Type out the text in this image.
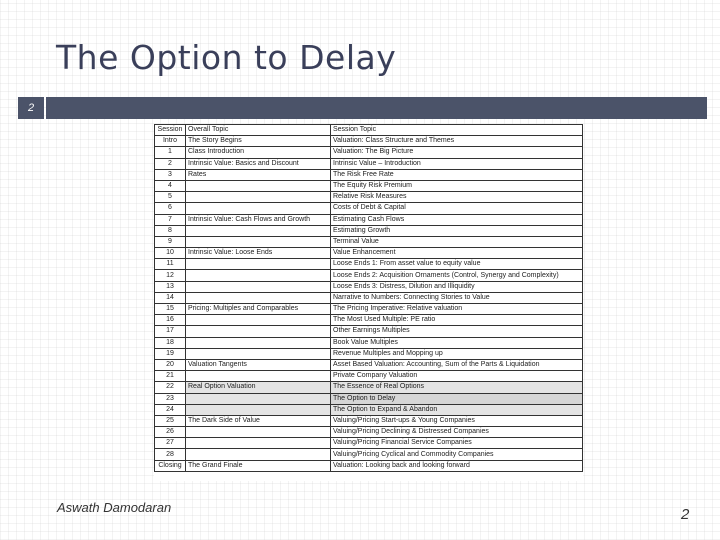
The Option to Delay
2
Session	Overall Topic	Session Topic
Intro	The Story Begins	Valuation: Class Structure and Themes
1	Class Introduction	Valuation: The Big Picture
2	Intrinsic Value: Basics and Discount	Intrinsic Value – Introduction
3	Rates	The Risk Free Rate
4		The Equity Risk Premium
5		Relative Risk Measures
6		Costs of Debt & Capital
7	Intrinsic Value: Cash Flows and Growth	Estimating Cash Flows
8		Estimating Growth
9		Terminal Value
10	Intrinsic Value: Loose Ends	Value Enhancement
11		Loose Ends 1: From asset value to equity value
12		Loose Ends 2: Acquisition Ornaments (Control, Synergy and Complexity)
13		Loose Ends 3: Distress, Dilution and Illiquidity
14		Narrative to Numbers: Connecting Stories to Value
15	Pricing: Multiples and Comparables	The Pricing Imperative: Relative valuation
16		The Most Used Multiple: PE ratio
17		Other Earnings Multiples
18		Book Value Multiples
19		Revenue Multiples and Mopping up
20	Valuation Tangents	Asset Based Valuation: Accounting, Sum of the Parts & Liquidation
21		Private Company Valuation
22	Real Option Valuation	The Essence of Real Options
23		The Option to Delay
24		The Option to Expand & Abandon
25	The Dark Side of Value	Valuing/Pricing Start-ups & Young Companies
26		Valuing/Pricing Declining & Distressed Companies
27		Valuing/Pricing Financial Service Companies
28		Valuing/Pricing Cyclical and Commodity Companies
Closing	The Grand Finale	Valuation: Looking back and looking forward
Aswath Damodaran	2
